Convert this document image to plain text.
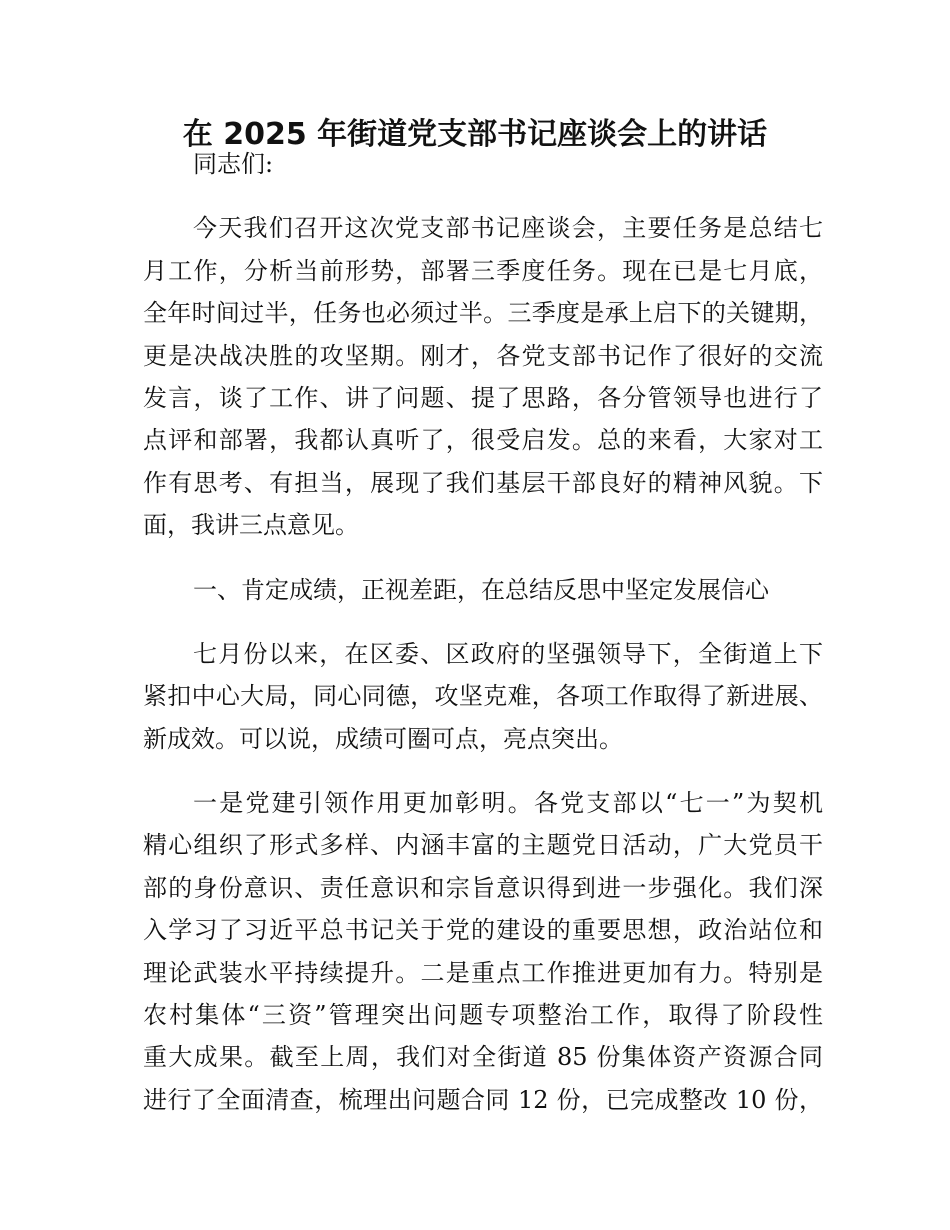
在 2025 年街道党支部书记座谈会上的讲话
同志们:
今天我们召开这次党支部书记座谈会，主要任务是总结七
月工作，分析当前形势，部署三季度任务。现在已是七月底，
全年时间过半，任务也必须过半。三季度是承上启下的关键期，
更是决战决胜的攻坚期。刚才，各党支部书记作了很好的交流
发言，谈了工作、讲了问题、提了思路，各分管领导也进行了
点评和部署，我都认真听了，很受启发。总的来看，大家对工
作有思考、有担当，展现了我们基层干部良好的精神风貌。下
面，我讲三点意见。
一、肯定成绩，正视差距，在总结反思中坚定发展信心
七月份以来，在区委、区政府的坚强领导下，全街道上下
紧扣中心大局，同心同德，攻坚克难，各项工作取得了新进展、
新成效。可以说，成绩可圈可点，亮点突出。
一是党建引领作用更加彰明。各党支部以“七一”为契机
精心组织了形式多样、内涵丰富的主题党日活动，广大党员干
部的身份意识、责任意识和宗旨意识得到进一步强化。我们深
入学习了习近平总书记关于党的建设的重要思想，政治站位和
理论武装水平持续提升。二是重点工作推进更加有力。特别是
农村集体“三资”管理突出问题专项整治工作，取得了阶段性
重大成果。截至上周，我们对全街道 85 份集体资产资源合同
进行了全面清查，梳理出问题合同 12 份，已完成整改 10 份，
